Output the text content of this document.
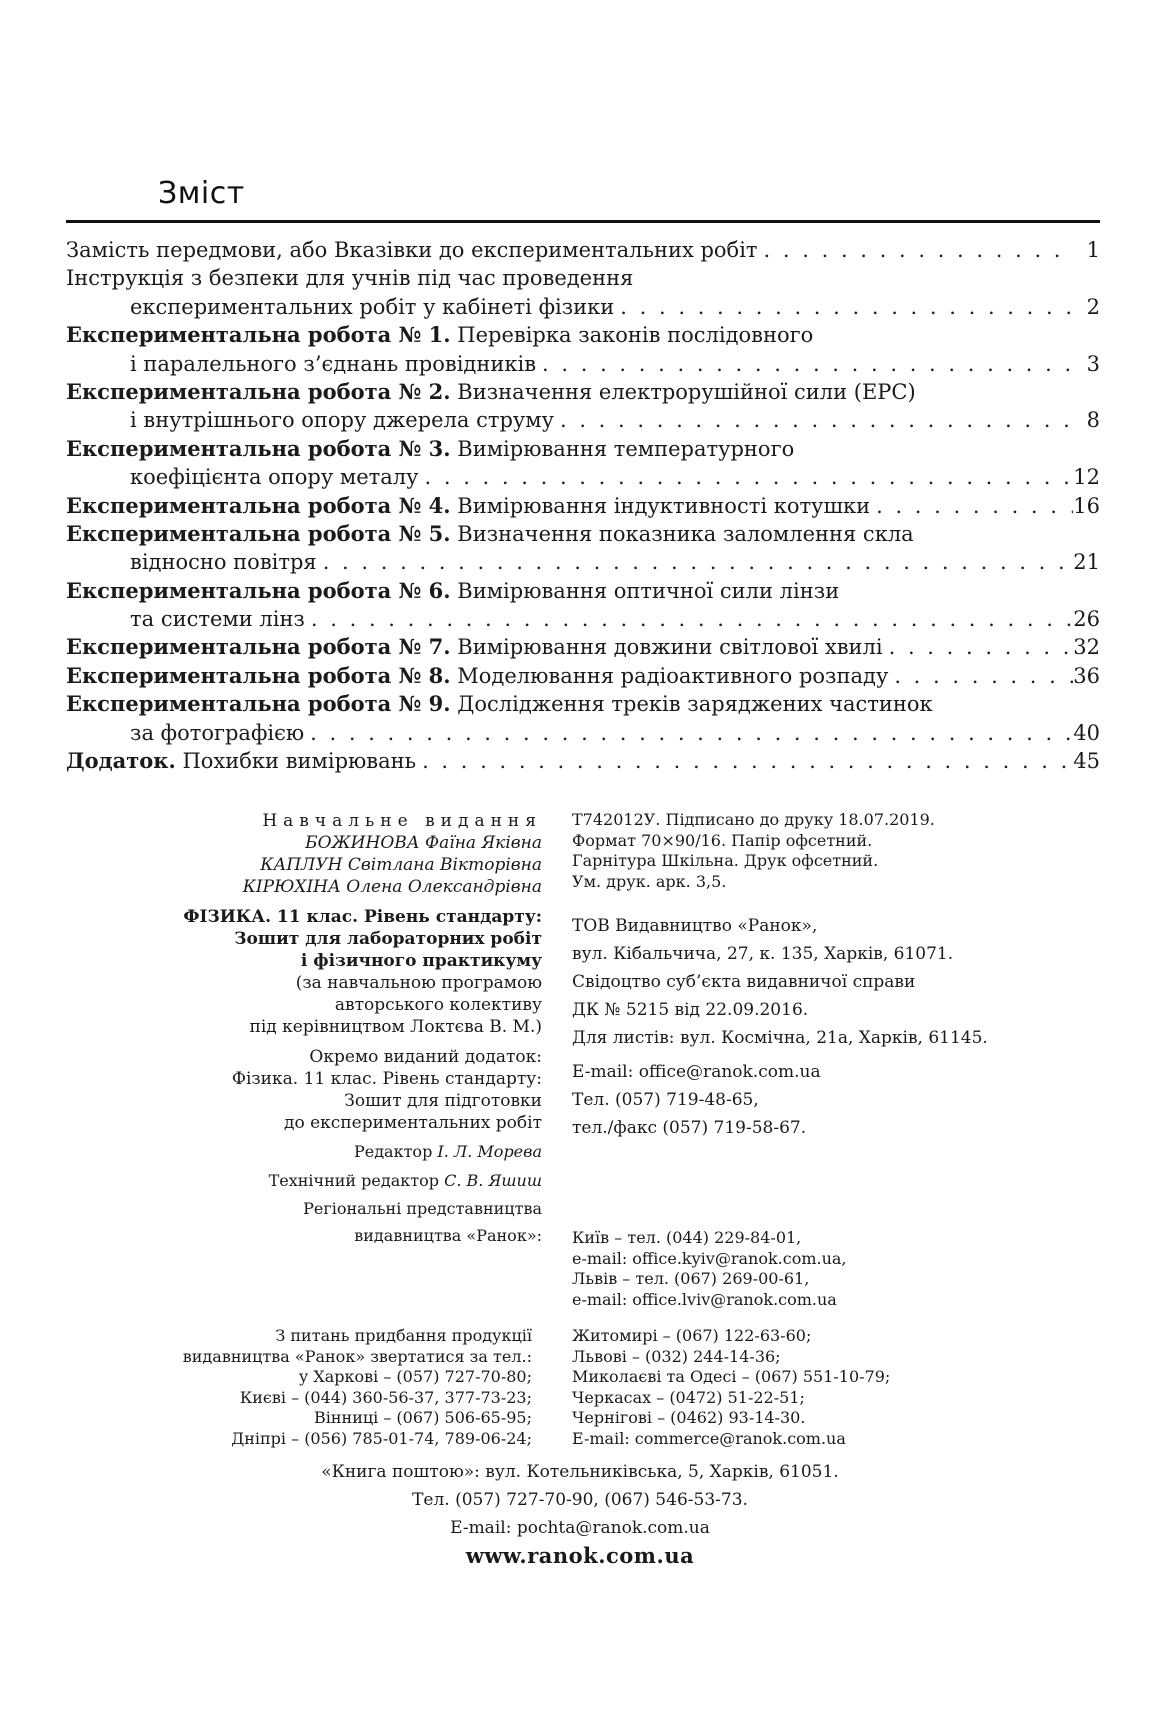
Зміст
Замість передмови, або Вказівки до експериментальних робіт . . .	1
Інструкція з безпеки для учнів під час проведення
експериментальних робіт у кабінеті фізики . . .	2
Експериментальна робота № 1. Перевірка законів послідовного
і паралельного з’єднань провідників . . .	3
Експериментальна робота № 2. Визначення електрорушійної сили (ЕРС)
і внутрішнього опору джерела струму . . .	8
Експериментальна робота № 3. Вимірювання температурного
коефіцієнта опору металу . . .	12
Експериментальна робота № 4. Вимірювання індуктивності котушки . . .	16
Експериментальна робота № 5. Визначення показника заломлення скла
відносно повітря . . .	21
Експериментальна робота № 6. Вимірювання оптичної сили лінзи
та системи лінз . . .	26
Експериментальна робота № 7. Вимірювання довжини світлової хвилі . . .	32
Експериментальна робота № 8. Моделювання радіоактивного розпаду . . .	36
Експериментальна робота № 9. Дослідження треків заряджених частинок
за фотографією . . .	40
Додаток. Похибки вимірювань . . .	45
Навчальне видання
БОЖИНОВА Фаїна Яківна
КАПЛУН Світлана Вікторівна
КІРЮХІНА Олена Олександрівна
ФІЗИКА. 11 клас. Рівень стандарту:
Зошит для лабораторних робіт
і фізичного практикуму
(за навчальною програмою
авторського колективу
під керівництвом Локтєва В. М.)
Окремо виданий додаток:
Фізика. 11 клас. Рівень стандарту:
Зошит для підготовки
до експериментальних робіт
Редактор І. Л. Морева
Технічний редактор С. В. Яшиш
Регіональні представництва
видавництва «Ранок»:
З питань придбання продукції
видавництва «Ранок» звертатися за тел.:
у Харкові – (057) 727-70-80;
Києві – (044) 360-56-37, 377-73-23;
Вінниці – (067) 506-65-95;
Дніпрі – (056) 785-01-74, 789-06-24;
Т742012У. Підписано до друку 18.07.2019.
Формат 70×90/16. Папір офсетний.
Гарнітура Шкільна. Друк офсетний.
Ум. друк. арк. 3,5.
ТОВ Видавництво «Ранок»,
вул. Кібальчича, 27, к. 135, Харків, 61071.
Свідоцтво суб’єкта видавничої справи
ДК № 5215 від 22.09.2016.
Для листів: вул. Космічна, 21а, Харків, 61145.
E-mail: office@ranok.com.ua
Тел. (057) 719-48-65,
тел./факс (057) 719-58-67.
Київ – тел. (044) 229-84-01,
e-mail: office.kyiv@ranok.com.ua,
Львів – тел. (067) 269-00-61,
e-mail: office.lviv@ranok.com.ua
Житомирі – (067) 122-63-60;
Львові – (032) 244-14-36;
Миколаєві та Одесі – (067) 551-10-79;
Черкасах – (0472) 51-22-51;
Чернігові – (0462) 93-14-30.
E-mail: commerce@ranok.com.ua
«Книга поштою»: вул. Котельниківська, 5, Харків, 61051.
Тел. (057) 727-70-90, (067) 546-53-73.
E-mail: pochta@ranok.com.ua
www.ranok.com.ua
